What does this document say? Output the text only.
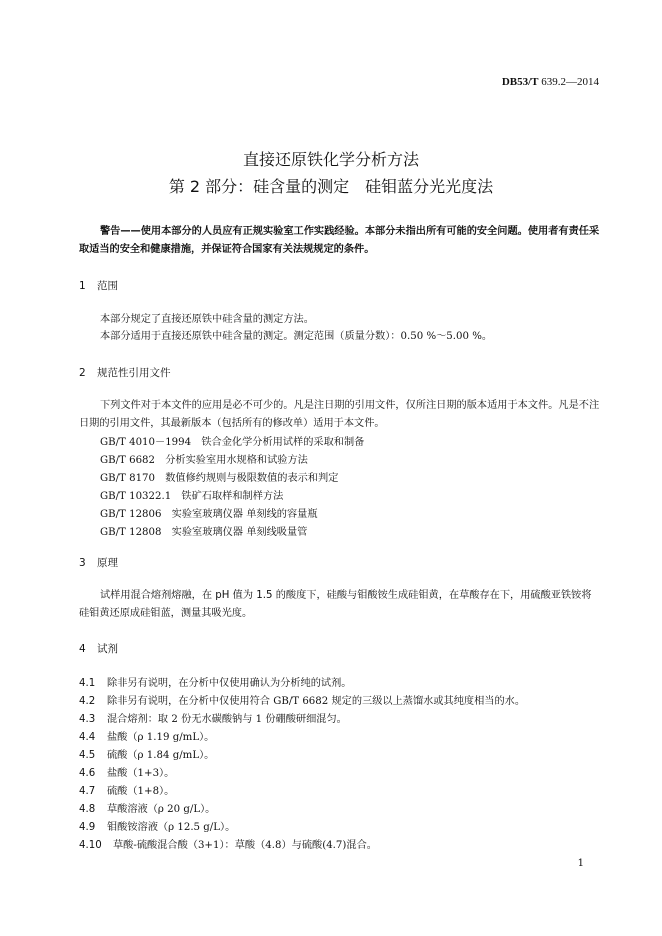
DB53/T 639.2—2014
直接还原铁化学分析方法
第 2 部分：硅含量的测定　硅钼蓝分光光度法
警告——使用本部分的人员应有正规实验室工作实践经验。本部分未指出所有可能的安全问题。使用者有责任采取适当的安全和健康措施，并保证符合国家有关法规规定的条件。
1 范围
本部分规定了直接还原铁中硅含量的测定方法。
本部分适用于直接还原铁中硅含量的测定。测定范围（质量分数）：0.50 %～5.00 %。
2 规范性引用文件
下列文件对于本文件的应用是必不可少的。凡是注日期的引用文件，仅所注日期的版本适用于本文件。凡是不注日期的引用文件，其最新版本（包括所有的修改单）适用于本文件。
GB/T 4010－1994　铁合金化学分析用试样的采取和制备
GB/T 6682　分析实验室用水规格和试验方法
GB/T 8170　数值修约规则与极限数值的表示和判定
GB/T 10322.1　铁矿石取样和制样方法
GB/T 12806　实验室玻璃仪器 单刻线的容量瓶
GB/T 12808　实验室玻璃仪器 单刻线吸量管
3 原理
试样用混合熔剂熔融，在 pH 值为 1.5 的酸度下，硅酸与钼酸铵生成硅钼黄，在草酸存在下，用硫酸亚铁铵将硅钼黄还原成硅钼蓝，测量其吸光度。
4 试剂
4.1 除非另有说明，在分析中仅使用确认为分析纯的试剂。
4.2 除非另有说明，在分析中仅使用符合 GB/T 6682 规定的三级以上蒸馏水或其纯度相当的水。
4.3 混合熔剂：取 2 份无水碳酸钠与 1 份硼酸研细混匀。
4.4 盐酸（ρ 1.19 g/mL）。
4.5 硫酸（ρ 1.84 g/mL）。
4.6 盐酸（1+3）。
4.7 硫酸（1+8）。
4.8 草酸溶液（ρ 20 g/L）。
4.9 钼酸铵溶液（ρ 12.5 g/L）。
4.10 草酸-硫酸混合酸（3+1）：草酸（4.8）与硫酸(4.7)混合。
1
